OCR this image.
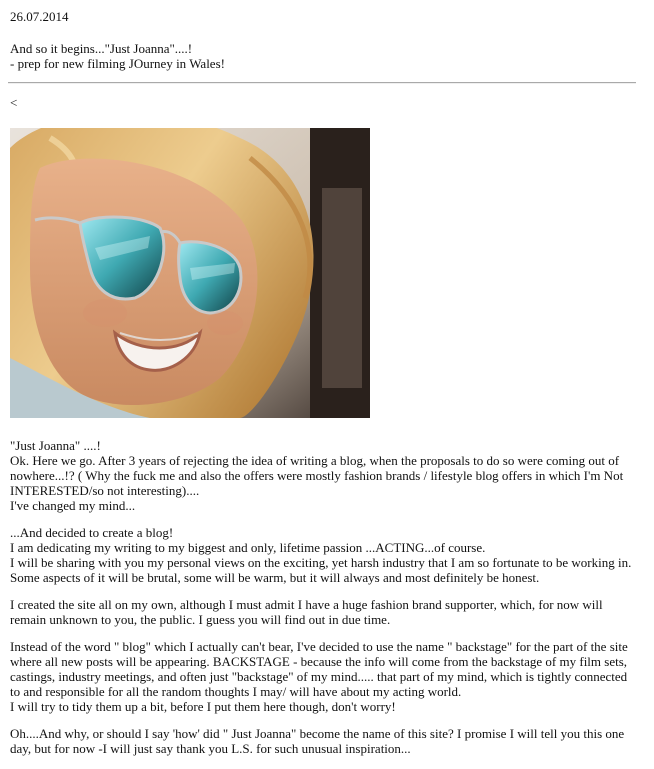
26.07.2014
And so it begins..."Just Joanna"....!
- prep for new filming JOurney in Wales!
<

"Just Joanna" ....!
Ok. Here we go. After 3 years of rejecting the idea of writing a blog, when the proposals to do so were coming out of nowhere...!? ( Why the fuck me and also the offers were mostly fashion brands / lifestyle blog offers in which I'm Not INTERESTED/so not interesting)....
I've changed my mind...

...And decided to create a blog!
I am dedicating my writing to my biggest and only, lifetime passion ...ACTING...of course.
I will be sharing with you my personal views on the exciting, yet harsh industry that I am so fortunate to be working in. Some aspects of it will be brutal, some will be warm, but it will always and most definitely be honest.

I created the site all on my own, although I must admit I have a huge fashion brand supporter, which, for now will remain unknown to you, the public. I guess you will find out in due time.

Instead of the word " blog" which I actually can't bear, I've decided to use the name " backstage" for the part of the site where all new posts will be appearing. BACKSTAGE - because the info will come from the backstage of my film sets, castings, industry meetings, and often just "backstage" of my mind..... that part of my mind, which is tightly connected to and responsible for all the random thoughts I may/ will have about my acting world.
I will try to tidy them up a bit, before I put them here though, don't worry!

Oh....And why, or should I say 'how' did " Just Joanna" become the name of this site? I promise I will tell you this one day, but for now -I will just say thank you L.S. for such unusual inspiration...
